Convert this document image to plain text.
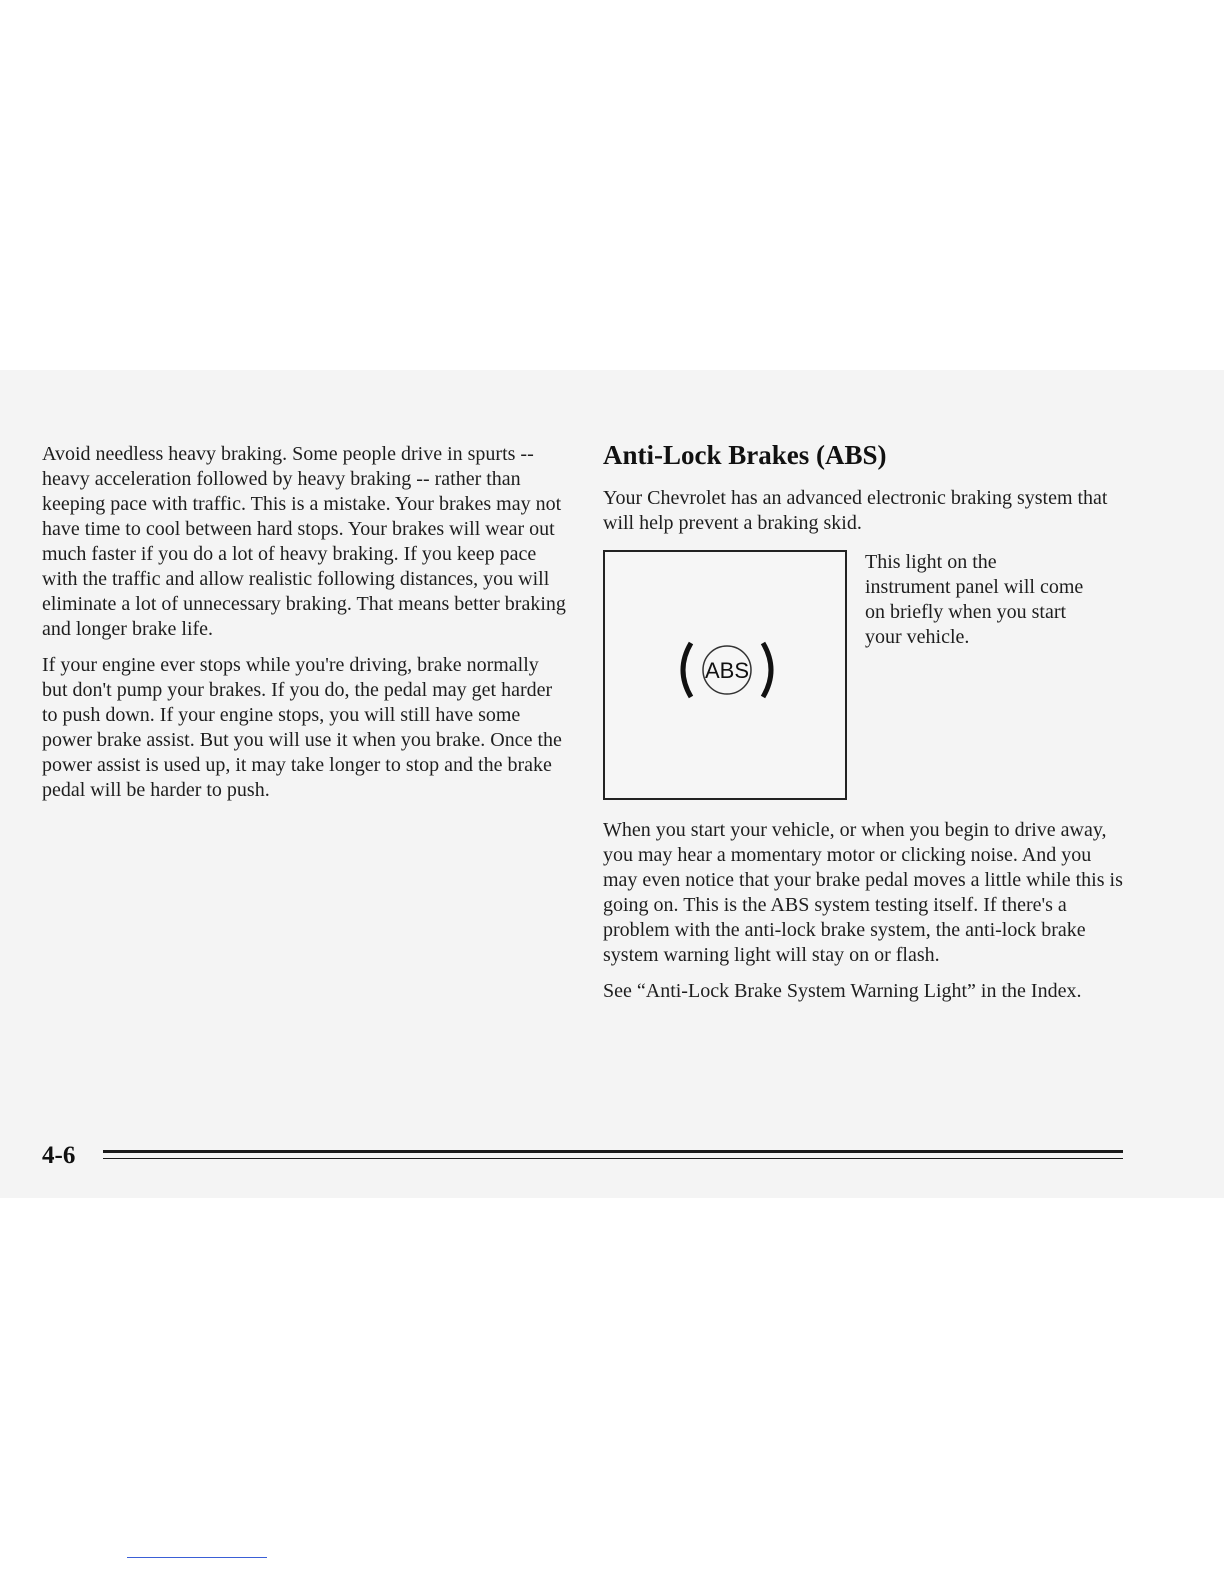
Avoid needless heavy braking. Some people drive in spurts -- heavy acceleration followed by heavy braking -- rather than keeping pace with traffic. This is a mistake. Your brakes may not have time to cool between hard stops. Your brakes will wear out much faster if you do a lot of heavy braking. If you keep pace with the traffic and allow realistic following distances, you will eliminate a lot of unnecessary braking. That means better braking and longer brake life.

If your engine ever stops while you're driving, brake normally but don't pump your brakes. If you do, the pedal may get harder to push down. If your engine stops, you will still have some power brake assist. But you will use it when you brake. Once the power assist is used up, it may take longer to stop and the brake pedal will be harder to push.

Anti-Lock Brakes (ABS)

Your Chevrolet has an advanced electronic braking system that will help prevent a braking skid.

ABS

This light on the instrument panel will come on briefly when you start your vehicle.

When you start your vehicle, or when you begin to drive away, you may hear a momentary motor or clicking noise. And you may even notice that your brake pedal moves a little while this is going on. This is the ABS system testing itself. If there's a problem with the anti-lock brake system, the anti-lock brake system warning light will stay on or flash.

See “Anti-Lock Brake System Warning Light” in the Index.

4-6
